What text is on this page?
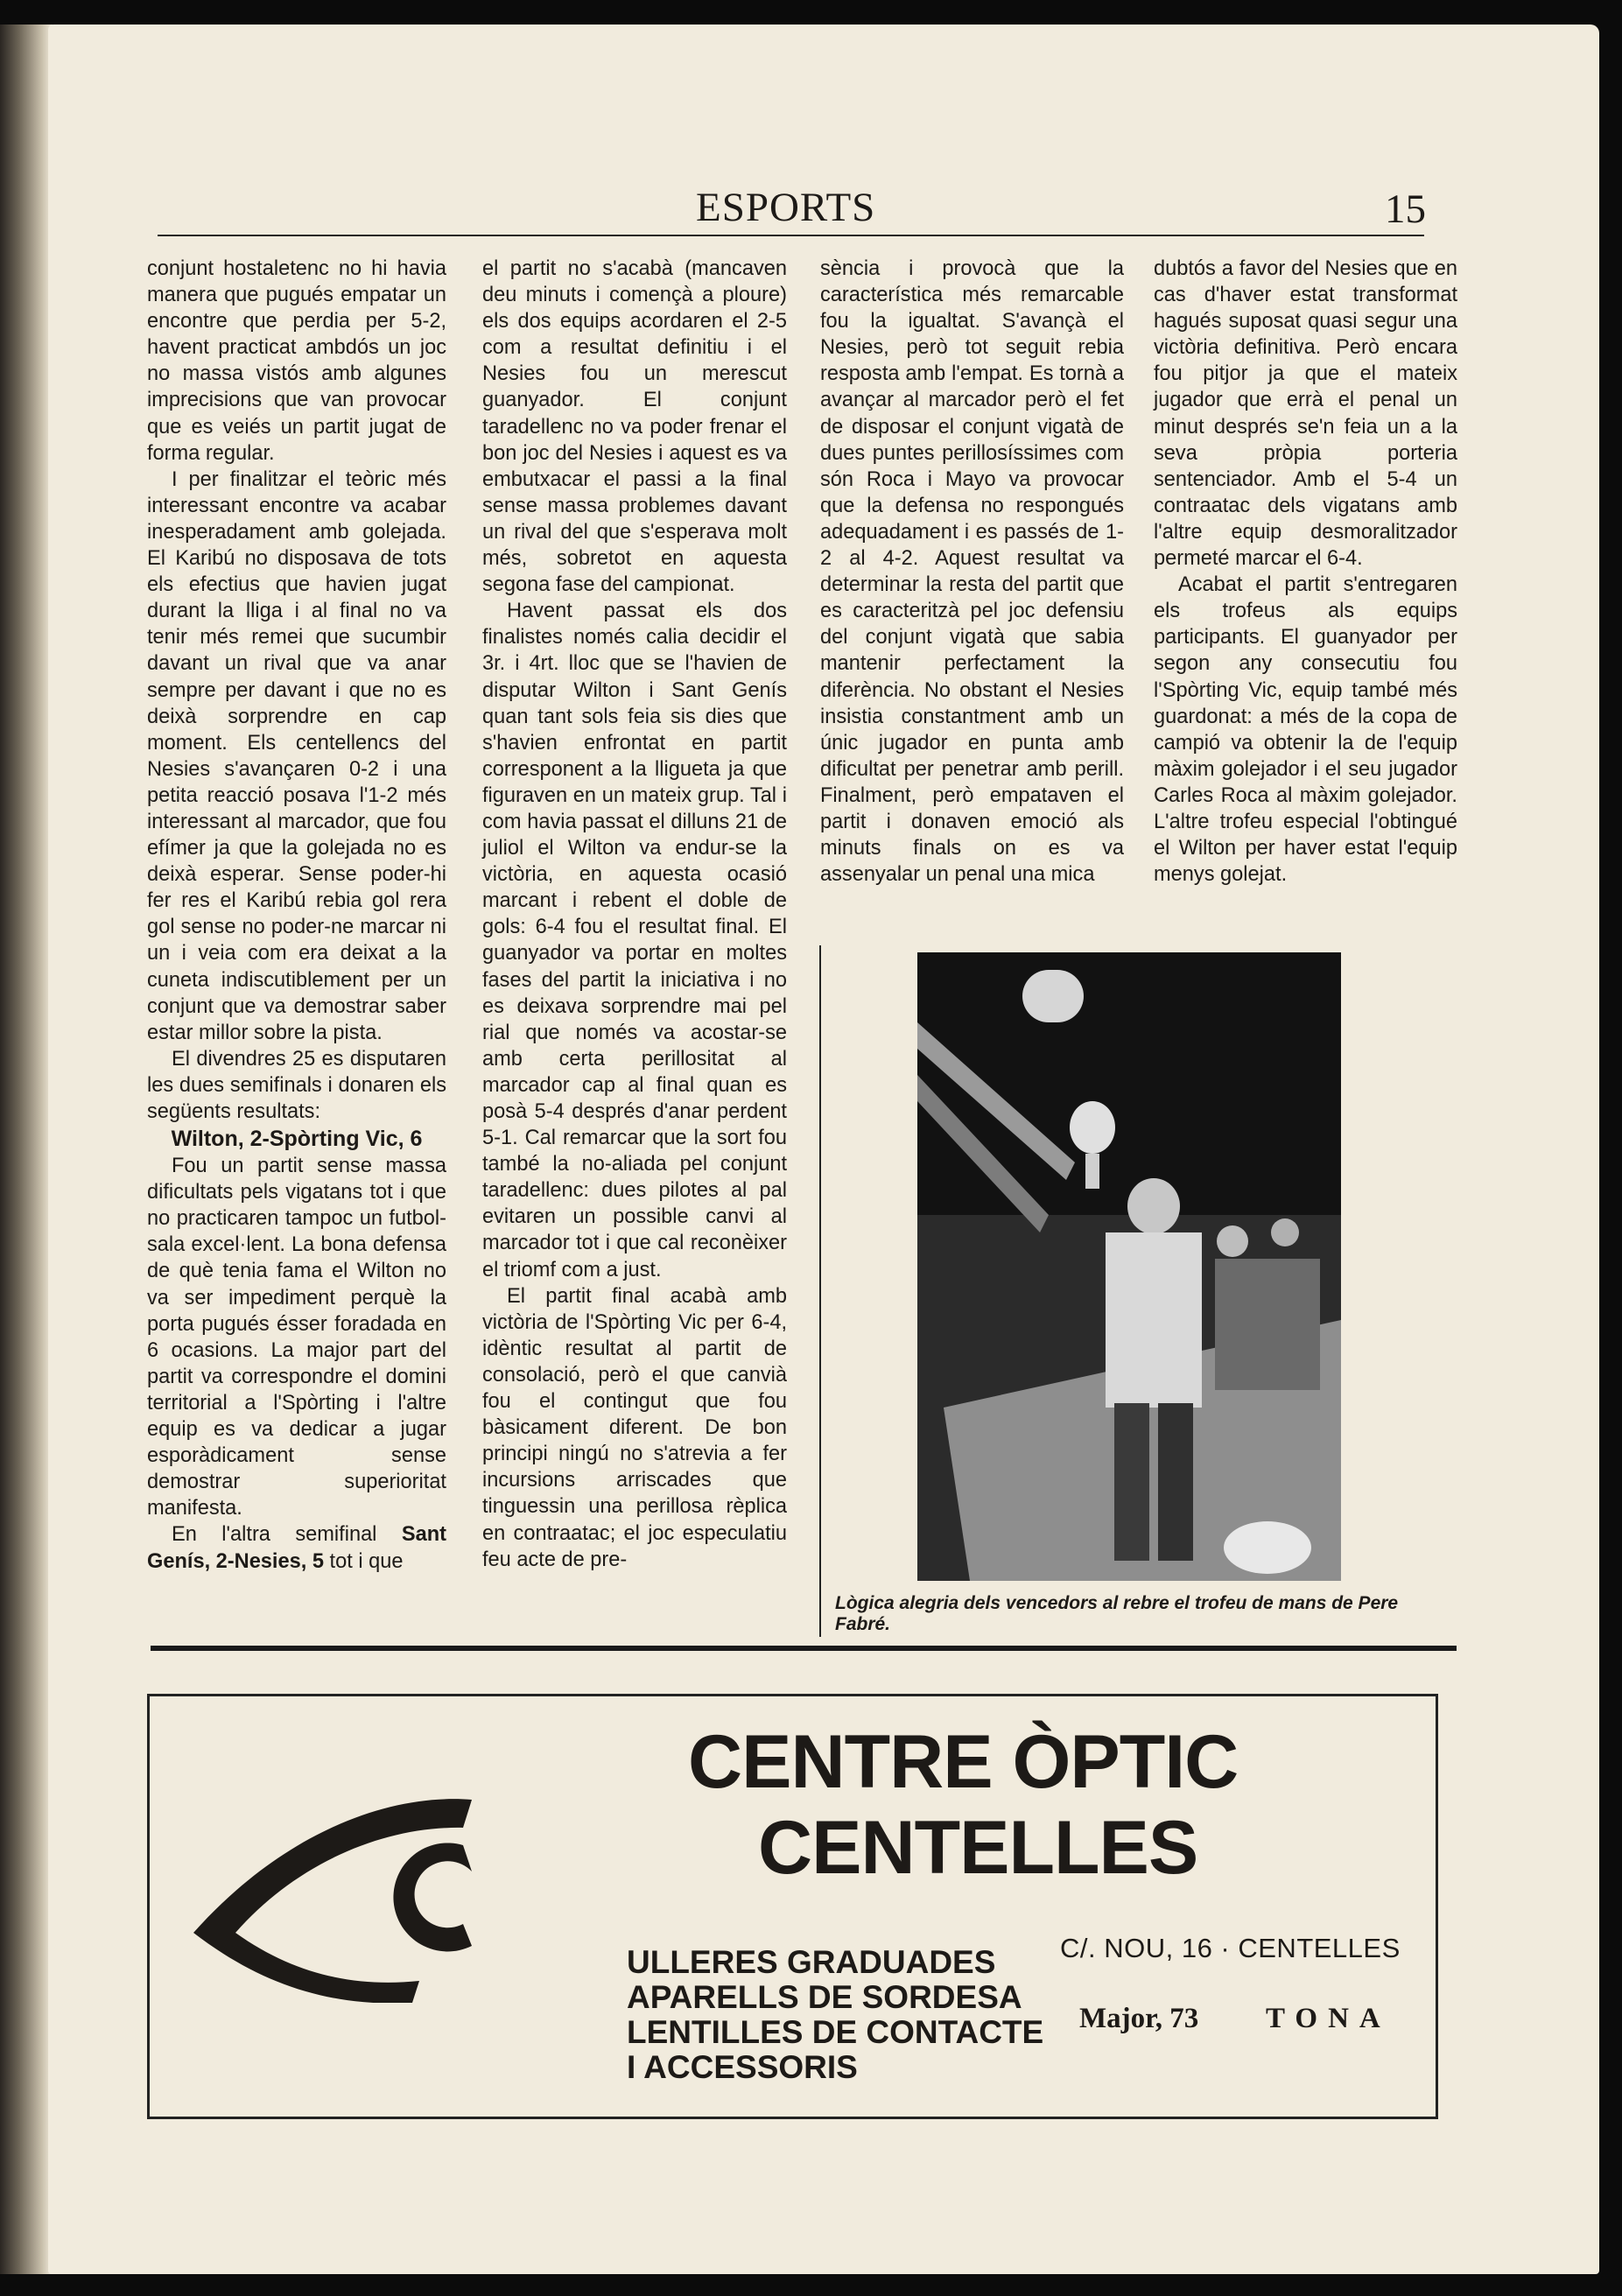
ESPORTS	15

conjunt hostaletenc no hi havia manera que pugués empatar un encontre que perdia per 5-2, havent practicat ambdós un joc no massa vistós amb algunes imprecisions que van provocar que es veiés un partit jugat de forma regular.

I per finalitzar el teòric més interessant encontre va acabar inesperadament amb golejada. El Karibú no disposava de tots els efectius que havien jugat durant la lliga i al final no va tenir més remei que sucumbir davant un rival que va anar sempre per davant i que no es deixà sorprendre en cap moment. Els centellencs del Nesies s'avançaren 0-2 i una petita reacció posava l'1-2 més interessant al marcador, que fou efímer ja que la golejada no es deixà esperar. Sense poder-hi fer res el Karibú rebia gol rera gol sense no poder-ne marcar ni un i veia com era deixat a la cuneta indiscutiblement per un conjunt que va demostrar saber estar millor sobre la pista.

El divendres 25 es disputaren les dues semifinals i donaren els següents resultats:

Wilton, 2-Spòrting Vic, 6

Fou un partit sense massa dificultats pels vigatans tot i que no practicaren tampoc un futbol-sala excel·lent. La bona defensa de què tenia fama el Wilton no va ser impediment perquè la porta pugués ésser foradada en 6 ocasions. La major part del partit va correspondre el domini territorial a l'Spòrting i l'altre equip es va dedicar a jugar esporàdicament sense demostrar superioritat manifesta.

En l'altra semifinal Sant Genís, 2-Nesies, 5 tot i que

el partit no s'acabà (mancaven deu minuts i començà a ploure) els dos equips acordaren el 2-5 com a resultat definitiu i el Nesies fou un merescut guanyador. El conjunt taradellenc no va poder frenar el bon joc del Nesies i aquest es va embutxacar el passi a la final sense massa problemes davant un rival del que s'esperava molt més, sobretot en aquesta segona fase del campionat.

Havent passat els dos finalistes només calia decidir el 3r. i 4rt. lloc que se l'havien de disputar Wilton i Sant Genís quan tant sols feia sis dies que s'havien enfrontat en partit corresponent a la lligueta ja que figuraven en un mateix grup. Tal i com havia passat el dilluns 21 de juliol el Wilton va endur-se la victòria, en aquesta ocasió marcant i rebent el doble de gols: 6-4 fou el resultat final. El guanyador va portar en moltes fases del partit la iniciativa i no es deixava sorprendre mai pel rial que només va acostar-se amb certa perillositat al marcador cap al final quan es posà 5-4 després d'anar perdent 5-1. Cal remarcar que la sort fou també la no-aliada pel conjunt taradellenc: dues pilotes al pal evitaren un possible canvi al marcador tot i que cal reconèixer el triomf com a just.

El partit final acabà amb victòria de l'Spòrting Vic per 6-4, idèntic resultat al partit de consolació, però el que canvià fou el contingut que fou bàsicament diferent. De bon principi ningú no s'atrevia a fer incursions arriscades que tinguessin una perillosa rèplica en contraatac; el joc especulatiu feu acte de pre-

sència i provocà que la característica més remarcable fou la igualtat. S'avançà el Nesies, però tot seguit rebia resposta amb l'empat. Es tornà a avançar al marcador però el fet de disposar el conjunt vigatà de dues puntes perillosíssimes com són Roca i Mayo va provocar que la defensa no respongués adequadament i es passés de 1-2 al 4-2. Aquest resultat va determinar la resta del partit que es caracteritzà pel joc defensiu del conjunt vigatà que sabia mantenir perfectament la diferència. No obstant el Nesies insistia constantment amb un únic jugador en punta amb dificultat per penetrar amb perill. Finalment, però empataven el partit i donaven emoció als minuts finals on es va assenyalar un penal una mica

dubtós a favor del Nesies que en cas d'haver estat transformat hagués suposat quasi segur una victòria definitiva. Però encara fou pitjor ja que el mateix jugador que errà el penal un minut després se'n feia un a la seva pròpia porteria sentenciador. Amb el 5-4 un contraatac dels vigatans amb l'altre equip desmoralitzador permeté marcar el 6-4.

Acabat el partit s'entregaren els trofeus als equips participants. El guanyador per segon any consecutiu fou l'Spòrting Vic, equip també més guardonat: a més de la copa de campió va obtenir la de l'equip màxim golejador i el seu jugador Carles Roca al màxim golejador. L'altre trofeu especial l'obtingué el Wilton per haver estat l'equip menys golejat.

Lògica alegria dels vencedors al rebre el trofeu de mans de Pere Fabré.
CENTRE ÒPTIC
CENTELLES
ULLERES GRADUADES
APARELLS DE SORDESA
LENTILLES DE CONTACTE
I ACCESSORIS
C/. NOU, 16 · CENTELLES
Major, 73 TONA
